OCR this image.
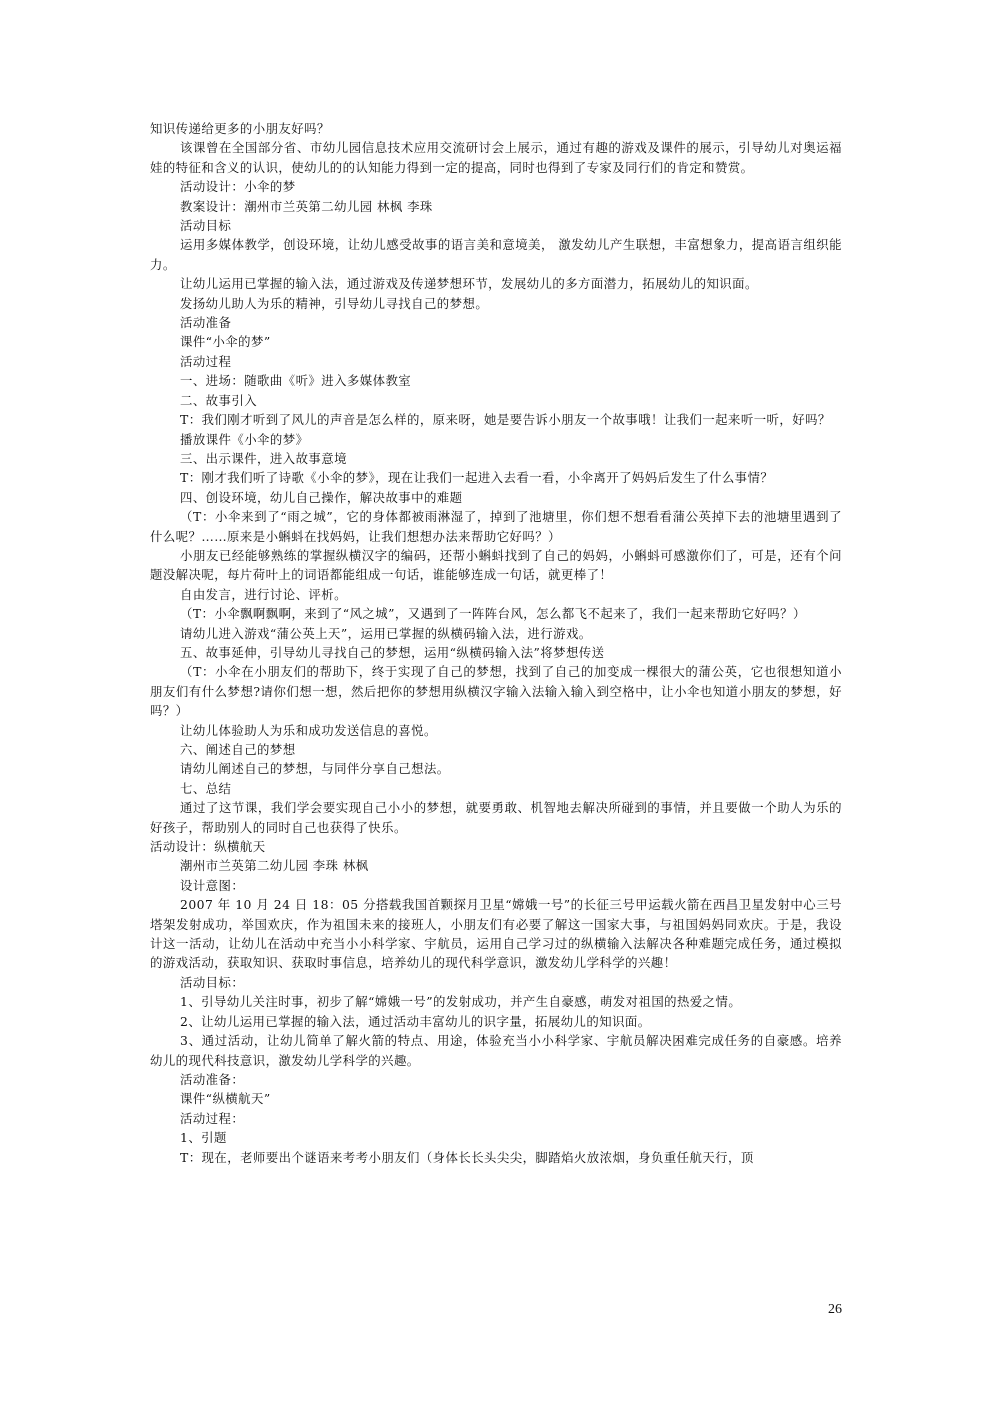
知识传递给更多的小朋友好吗？

该课曾在全国部分省、市幼儿园信息技术应用交流研讨会上展示，通过有趣的游戏及课件的展示，引导幼儿对奥运福娃的特征和含义的认识，使幼儿的的认知能力得到一定的提高，同时也得到了专家及同行们的肯定和赞赏。

活动设计：小伞的梦

教案设计：潮州市兰英第二幼儿园 林枫 李珠

活动目标

运用多媒体教学，创设环境，让幼儿感受故事的语言美和意境美， 激发幼儿产生联想，丰富想象力，提高语言组织能力。

让幼儿运用已掌握的输入法，通过游戏及传递梦想环节，发展幼儿的多方面潜力，拓展幼儿的知识面。

发扬幼儿助人为乐的精神，引导幼儿寻找自己的梦想。

活动准备

课件“小伞的梦”

活动过程

一、进场：随歌曲《听》进入多媒体教室

二、故事引入

T：我们刚才听到了风儿的声音是怎么样的，原来呀，她是要告诉小朋友一个故事哦！让我们一起来听一听，好吗？

播放课件《小伞的梦》

三、出示课件，进入故事意境

T：刚才我们听了诗歌《小伞的梦》，现在让我们一起进入去看一看，小伞离开了妈妈后发生了什么事情？

四、创设环境，幼儿自己操作，解决故事中的难题

（T：小伞来到了“雨之城”，它的身体都被雨淋湿了，掉到了池塘里，你们想不想看看蒲公英掉下去的池塘里遇到了什么呢？……原来是小蝌蚪在找妈妈，让我们想想办法来帮助它好吗？）

小朋友已经能够熟练的掌握纵横汉字的编码，还帮小蝌蚪找到了自己的妈妈，小蝌蚪可感激你们了，可是，还有个问题没解决呢，每片荷叶上的词语都能组成一句话，谁能够连成一句话，就更棒了！

自由发言，进行讨论、评析。

（T：小伞飘啊飘啊，来到了“风之城”，又遇到了一阵阵台风，怎么都飞不起来了，我们一起来帮助它好吗？）

请幼儿进入游戏“蒲公英上天”，运用已掌握的纵横码输入法，进行游戏。

五、故事延伸，引导幼儿寻找自己的梦想，运用“纵横码输入法”将梦想传送

（T：小伞在小朋友们的帮助下，终于实现了自己的梦想，找到了自己的加变成一棵很大的蒲公英，它也很想知道小朋友们有什么梦想?请你们想一想，然后把你的梦想用纵横汉字输入法输入输入到空格中，让小伞也知道小朋友的梦想，好吗？）

让幼儿体验助人为乐和成功发送信息的喜悦。

六、阐述自己的梦想

请幼儿阐述自己的梦想，与同伴分享自己想法。

七、总结

通过了这节课，我们学会要实现自己小小的梦想，就要勇敢、机智地去解决所碰到的事情，并且要做一个助人为乐的好孩子，帮助别人的同时自己也获得了快乐。

活动设计：纵横航天

潮州市兰英第二幼儿园 李珠 林枫

设计意图：

2007 年 10 月 24 日 18：05 分搭载我国首颗探月卫星“嫦娥一号”的长征三号甲运载火箭在西昌卫星发射中心三号塔架发射成功，举国欢庆，作为祖国未来的接班人，小朋友们有必要了解这一国家大事，与祖国妈妈同欢庆。于是，我设计这一活动，让幼儿在活动中充当小小科学家、宇航员，运用自己学习过的纵横输入法解决各种难题完成任务，通过模拟的游戏活动，获取知识、获取时事信息，培养幼儿的现代科学意识，激发幼儿学科学的兴趣！

活动目标：

1、引导幼儿关注时事，初步了解“嫦娥一号”的发射成功，并产生自豪感，萌发对祖国的热爱之情。

2、让幼儿运用已掌握的输入法，通过活动丰富幼儿的识字量，拓展幼儿的知识面。

3、通过活动，让幼儿简单了解火箭的特点、用途，体验充当小小科学家、宇航员解决困难完成任务的自豪感。培养幼儿的现代科技意识，激发幼儿学科学的兴趣。

活动准备：

课件“纵横航天”

活动过程：

1、引题

T：现在，老师要出个谜语来考考小朋友们（身体长长头尖尖，脚踏焰火放浓烟，身负重任航天行，顶

26
